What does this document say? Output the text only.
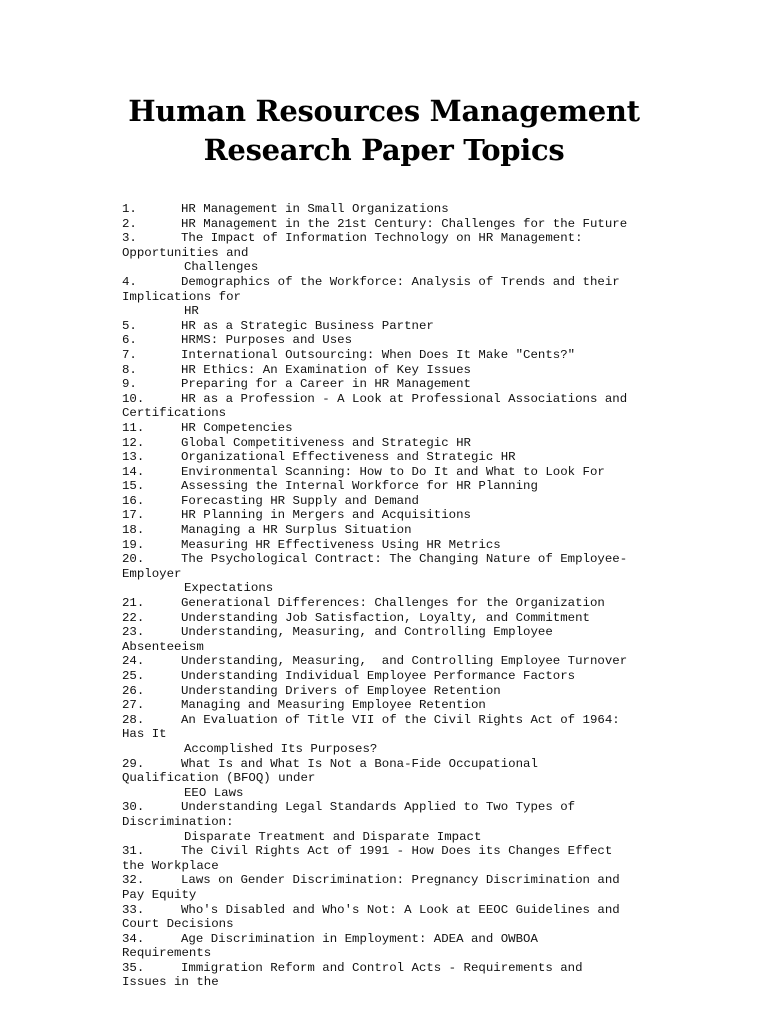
Human Resources Management
Research Paper Topics
1.	HR Management in Small Organizations
2.	HR Management in the 21st Century: Challenges for the Future
3.	The Impact of Information Technology on HR Management:
Opportunities and
Challenges
4.	Demographics of the Workforce: Analysis of Trends and their
Implications for
HR
5.	HR as a Strategic Business Partner
6.	HRMS: Purposes and Uses
7.	International Outsourcing: When Does It Make "Cents?"
8.	HR Ethics: An Examination of Key Issues
9.	Preparing for a Career in HR Management
10.	HR as a Profession - A Look at Professional Associations and
Certifications
11.	HR Competencies
12.	Global Competitiveness and Strategic HR
13.	Organizational Effectiveness and Strategic HR
14.	Environmental Scanning: How to Do It and What to Look For
15.	Assessing the Internal Workforce for HR Planning
16.	Forecasting HR Supply and Demand
17.	HR Planning in Mergers and Acquisitions
18.	Managing a HR Surplus Situation
19.	Measuring HR Effectiveness Using HR Metrics
20.	The Psychological Contract: The Changing Nature of Employee-
Employer
Expectations
21.	Generational Differences: Challenges for the Organization
22.	Understanding Job Satisfaction, Loyalty, and Commitment
23.	Understanding, Measuring, and Controlling Employee
Absenteeism
24.	Understanding, Measuring,  and Controlling Employee Turnover
25.	Understanding Individual Employee Performance Factors
26.	Understanding Drivers of Employee Retention
27.	Managing and Measuring Employee Retention
28.	An Evaluation of Title VII of the Civil Rights Act of 1964:
Has It
Accomplished Its Purposes?
29.	What Is and What Is Not a Bona-Fide Occupational
Qualification (BFOQ) under
EEO Laws
30.	Understanding Legal Standards Applied to Two Types of
Discrimination:
Disparate Treatment and Disparate Impact
31.	The Civil Rights Act of 1991 - How Does its Changes Effect
the Workplace
32.	Laws on Gender Discrimination: Pregnancy Discrimination and
Pay Equity
33.	Who's Disabled and Who's Not: A Look at EEOC Guidelines and
Court Decisions
34.	Age Discrimination in Employment: ADEA and OWBOA
Requirements
35.	Immigration Reform and Control Acts - Requirements and
Issues in the
